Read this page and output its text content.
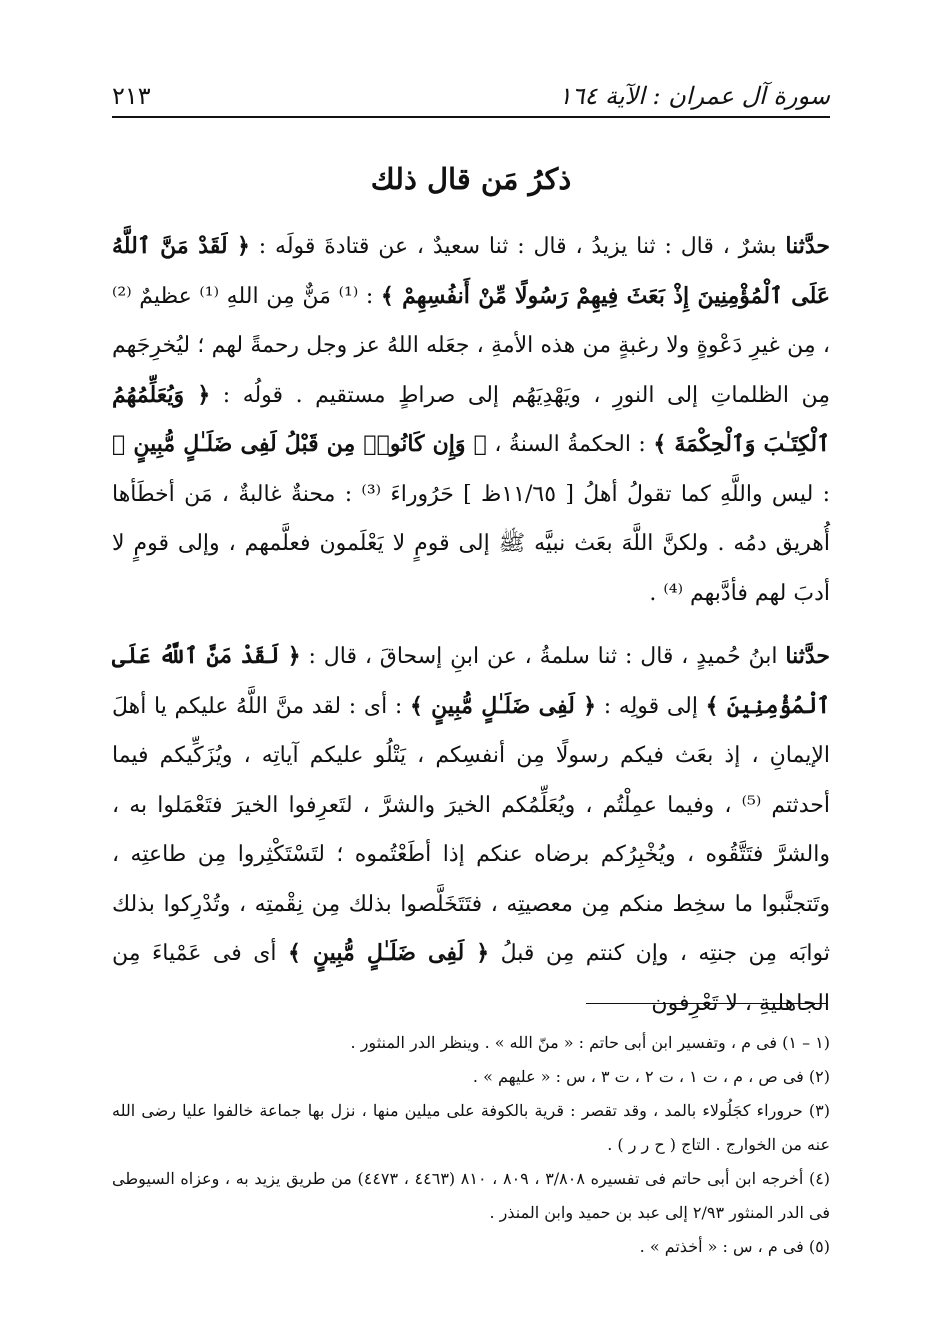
سورة آل عمران : الآية ١٦٤
٢١٣
ذكرُ مَن قال ذلك

حدَّثنا بشرٌ ، قال : ثنا يزيدُ ، قال : ثنا سعيدٌ ، عن قتادةَ قولَه : ﴿ لَقَدْ مَنَّ ٱللَّهُ عَلَى ٱلْمُؤْمِنِينَ إِذْ بَعَثَ فِيهِمْ رَسُولًا مِّنْ أَنفُسِهِمْ ﴾ : ⁽¹⁾ مَنٌّ مِن اللهِ ⁽¹⁾ عظيمٌ ⁽²⁾ ، مِن غيرِ دَعْوةٍ ولا رغبةٍ من هذه الأمةِ ، جعَله اللهُ عز وجل رحمةً لهم ؛ ليُخرِجَهم مِن الظلماتِ إلى النورِ ، ويَهْدِيَهُم إلى صراطٍ مستقيم . قولُه : ﴿ وَيُعَلِّمُهُمُ ٱلْكِتَـٰبَ وَٱلْحِكْمَةَ ﴾ : الحكمةُ السنةُ ، ﴿ وَإِن كَانُوا۟ مِن قَبْلُ لَفِى ضَلَـٰلٍ مُّبِينٍ ﴾ : ليس واللَّهِ كما تقولُ أهلُ [ ١١/٦٥ظ ] حَرُوراءَ ⁽³⁾ : محنةٌ غالبةٌ ، مَن أخطَأها أُهريق دمُه . ولكنَّ اللَّهَ بعَث نبيَّه ﷺ إلى قومٍ لا يَعْلَمون فعلَّمهم ، وإلى قومٍ لا أدبَ لهم فأدَّبهم ⁽⁴⁾ .

حدَّثنا ابنُ حُميدٍ ، قال : ثنا سلمةُ ، عن ابنِ إسحاقَ ، قال : ﴿ لَقَدْ مَنَّ ٱللَّهُ عَلَى ٱلْمُؤْمِنِينَ ﴾ إلى قولِه : ﴿ لَفِى ضَلَـٰلٍ مُّبِينٍ ﴾ : أى : لقد منَّ اللَّهُ عليكم يا أهلَ الإيمانِ ، إذ بعَث فيكم رسولًا مِن أنفسِكم ، يَتْلُو عليكم آياتِه ، ويُزَكِّيكم فيما أحدثتم ⁽⁵⁾ ، وفيما عمِلْتُم ، ويُعَلِّمُكم الخيرَ والشرَّ ، لتَعرِفوا الخيرَ فتَعْمَلوا به ، والشرَّ فتَتَّقُوه ، ويُخْبِرُكم برضاه عنكم إذا أطَعْتُموه ؛ لتَسْتَكْثِروا مِن طاعتِه ، وتَتجنَّبوا ما سخِط منكم مِن معصيتِه ، فتَتَخَلَّصوا بذلك مِن نِقْمتِه ، وتُدْرِكوا بذلك ثوابَه مِن جنتِه ، وإن كنتم مِن قبلُ ﴿ لَفِى ضَلَـٰلٍ مُّبِينٍ ﴾ أى فى عَمْياءَ مِن الجاهليةِ ، لا تَعْرِفون

(١ – ١) فى م ، وتفسير ابن أبى حاتم : « منّ الله » . وينظر الدر المنثور .

(٢) فى ص ، م ، ت ١ ، ت ٢ ، ت ٣ ، س : « عليهم » .

(٣) حروراء كجَلُولاء بالمد ، وقد تقصر : قرية بالكوفة على ميلين منها ، نزل بها جماعة خالفوا عليا رضى الله عنه من الخوارج . التاج ( ح ر ر ) .

(٤) أخرجه ابن أبى حاتم فى تفسيره ٣/٨٠٨ ، ٨٠٩ ، ٨١٠ (٤٤٦٣ ، ٤٤٧٣) من طريق يزيد به ، وعزاه السيوطى فى الدر المنثور ٢/٩٣ إلى عبد بن حميد وابن المنذر .

(٥) فى م ، س : « أخذتم » .
